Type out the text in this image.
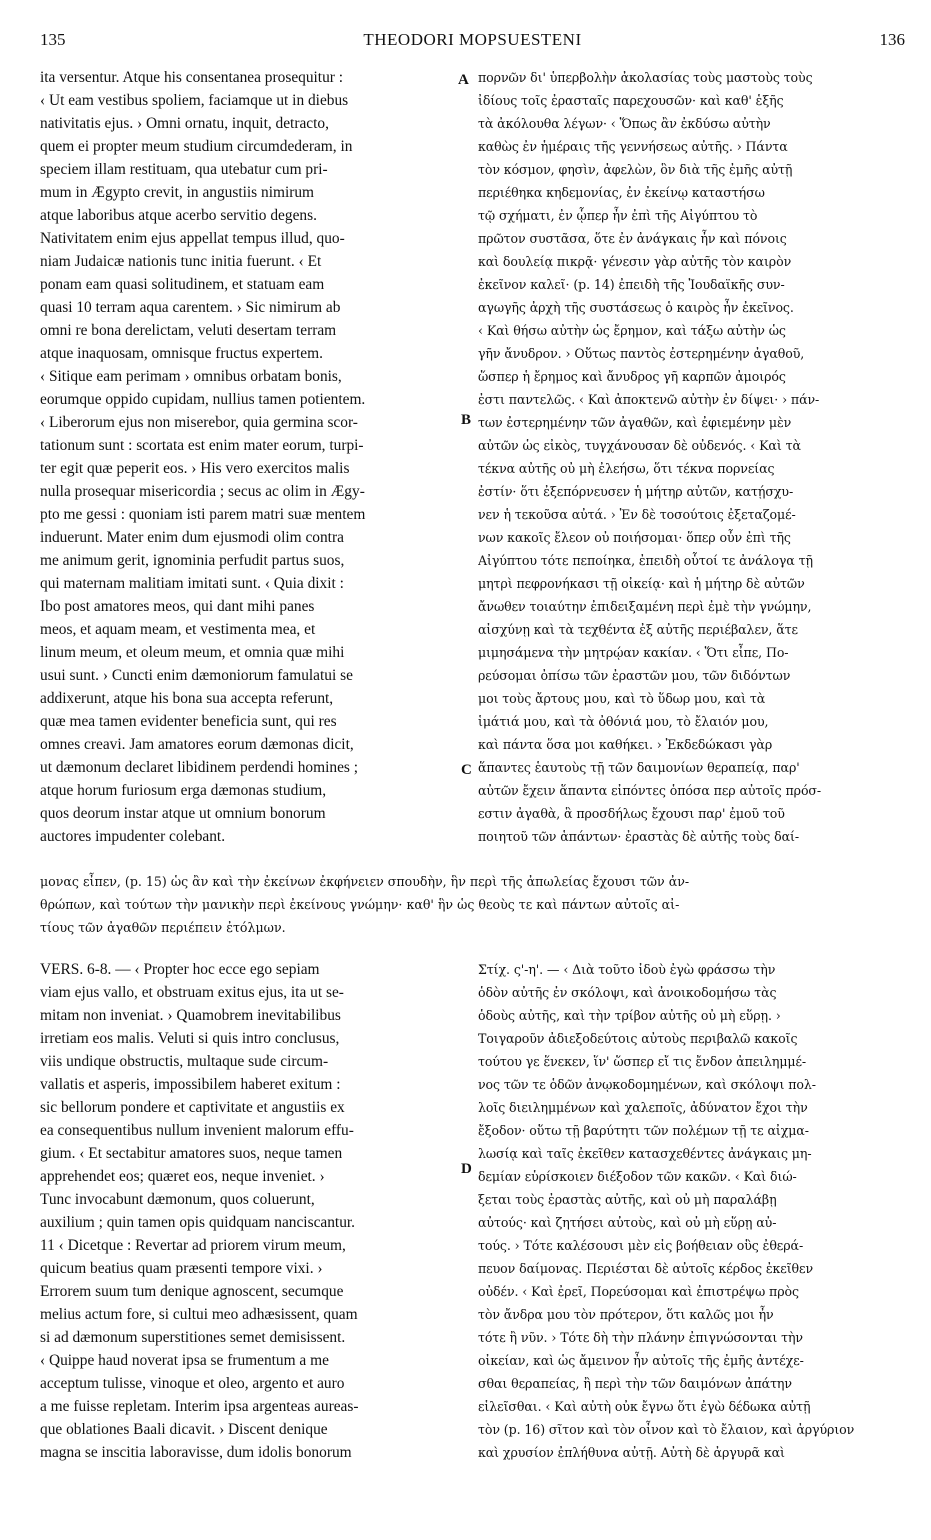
135	THEODORI MOPSUESTENI	136
ita versentur. Atque his consentanea prosequitur :
‹ Ut eam vestibus spoliem, faciamque ut in diebus
nativitatis ejus. › Omni ornatu, inquit, detracto,
quem ei propter meum studium circumdederam, in
speciem illam restituam, qua utebatur cum pri-
mum in Ægypto crevit, in angustiis nimirum
atque laboribus atque acerbo servitio degens.
Nativitatem enim ejus appellat tempus illud, quo-
niam Judaicæ nationis tunc initia fuerunt. ‹ Et
ponam eam quasi solitudinem, et statuam eam
quasi 10 terram aqua carentem. › Sic nimirum ab
omni re bona derelictam, veluti desertam terram
atque inaquosam, omnisque fructus expertem.
‹ Sitique eam perimam › omnibus orbatam bonis,
eorumque oppido cupidam, nullius tamen potientem.
‹ Liberorum ejus non miserebor, quia germina scor-
tationum sunt : scortata est enim mater eorum, turpi-
ter egit quæ peperit eos. › His vero exercitos malis
nulla prosequar misericordia ; secus ac olim in Ægy-
pto me gessi : quoniam isti parem matri suæ mentem
induerunt. Mater enim dum ejusmodi olim contra
me animum gerit, ignominia perfudit partus suos,
qui maternam malitiam imitati sunt. ‹ Quia dixit :
Ibo post amatores meos, qui dant mihi panes
meos, et aquam meam, et vestimenta mea, et
linum meum, et oleum meum, et omnia quæ mihi
usui sunt. › Cuncti enim dæmoniorum famulatui se
addixerunt, atque his bona sua accepta referunt,
quæ mea tamen evidenter beneficia sunt, qui res
omnes creavi. Jam amatores eorum dæmonas dicit,
ut dæmonum declaret libidinem perdendi homines ;
atque horum furiosum erga dæmonas studium,
quos deorum instar atque ut omnium bonorum
auctores impudenter colebant.
πορνῶν δι' ὑπερβολὴν ἀκολασίας τοὺς μαστοὺς τοὺς
ἰδίους τοῖς ἐρασταῖς παρεχουσῶν· καὶ καθ' ἑξῆς
τὰ ἀκόλουθα λέγων· ‹ Ὅπως ἂν ἐκδύσω αὐτὴν
καθὼς ἐν ἡμέραις τῆς γεννήσεως αὐτῆς. › Πάντα
τὸν κόσμον, φησὶν, ἀφελὼν, ὃν διὰ τῆς ἐμῆς αὐτῇ
περιέθηκα κηδεμονίας, ἐν ἐκείνῳ καταστήσω
τῷ σχήματι, ἐν ᾧπερ ἦν ἐπὶ τῆς Αἰγύπτου τὸ
πρῶτον συστᾶσα, ὅτε ἐν ἀνάγκαις ἦν καὶ πόνοις
καὶ δουλείᾳ πικρᾷ· γένεσιν γὰρ αὐτῆς τὸν καιρὸν
ἐκεῖνον καλεῖ· (p. 14) ἐπειδὴ τῆς Ἰουδαϊκῆς συν-
αγωγῆς ἀρχὴ τῆς συστάσεως ὁ καιρὸς ἦν ἐκεῖνος.
‹ Καὶ θήσω αὐτὴν ὡς ἔρημον, καὶ τάξω αὐτὴν ὡς
γῆν ἄνυδρον. › Οὕτως παντὸς ἐστερημένην ἀγαθοῦ,
ὥσπερ ἡ ἔρημος καὶ ἄνυδρος γῆ καρπῶν ἀμοιρός
ἐστι παντελῶς. ‹ Καὶ ἀποκτενῶ αὐτὴν ἐν δίψει· › πάν-
των ἐστερημένην τῶν ἀγαθῶν, καὶ ἐφιεμένην μὲν
αὐτῶν ὡς εἰκὸς, τυγχάνουσαν δὲ οὐδενός. ‹ Καὶ τὰ
τέκνα αὐτῆς οὐ μὴ ἐλεήσω, ὅτι τέκνα πορνείας
ἐστίν· ὅτι ἐξεπόρνευσεν ἡ μήτηρ αὐτῶν, κατῄσχυ-
νεν ἡ τεκοῦσα αὐτά. › Ἐν δὲ τοσούτοις ἐξεταζομέ-
νων κακοῖς ἔλεον οὐ ποιήσομαι· ὅπερ οὖν ἐπὶ τῆς
Αἰγύπτου τότε πεποίηκα, ἐπειδὴ οὗτοί τε ἀνάλογα τῇ
μητρὶ πεφρονήκασι τῇ οἰκείᾳ· καὶ ἡ μήτηρ δὲ αὐτῶν
ἄνωθεν τοιαύτην ἐπιδειξαμένη περὶ ἐμὲ τὴν γνώμην,
αἰσχύνῃ καὶ τὰ τεχθέντα ἐξ αὐτῆς περιέβαλεν, ἅτε
μιμησάμενα τὴν μητρῴαν κακίαν. ‹ Ὅτι εἶπε, Πο-
ρεύσομαι ὀπίσω τῶν ἐραστῶν μου, τῶν διδόντων
μοι τοὺς ἄρτους μου, καὶ τὸ ὕδωρ μου, καὶ τὰ
ἱμάτιά μου, καὶ τὰ ὀθόνιά μου, τὸ ἔλαιόν μου,
καὶ πάντα ὅσα μοι καθήκει. › Ἐκδεδώκασι γὰρ
ἅπαντες ἑαυτοὺς τῇ τῶν δαιμονίων θεραπείᾳ, παρ'
αὐτῶν ἔχειν ἅπαντα εἰπόντες ὁπόσα περ αὐτοῖς πρόσ-
εστιν ἀγαθὰ, ἃ προσδήλως ἔχουσι παρ' ἐμοῦ τοῦ
ποιητοῦ τῶν ἁπάντων· ἐραστὰς δὲ αὐτῆς τοὺς δαί-
μονας εἶπεν, (p. 15) ὡς ἂν καὶ τὴν ἐκείνων ἐκφήνειεν σπουδὴν, ἣν περὶ τῆς ἀπωλείας ἔχουσι τῶν ἀν-
θρώπων, καὶ τούτων τὴν μανικὴν περὶ ἐκείνους γνώμην· καθ' ἣν ὡς θεοὺς τε καὶ πάντων αὐτοῖς αἰ-
τίους τῶν ἀγαθῶν περιέπειν ἐτόλμων.
VERS. 6-8. — ‹ Propter hoc ecce ego sepiam
viam ejus vallo, et obstruam exitus ejus, ita ut se-
mitam non inveniat. › Quamobrem inevitabilibus
irretiam eos malis. Veluti si quis intro conclusus,
viis undique obstructis, multaque sude circum-
vallatis et asperis, impossibilem haberet exitum :
sic bellorum pondere et captivitate et angustiis ex
ea consequentibus nullum invenient malorum effu-
gium. ‹ Et sectabitur amatores suos, neque tamen
apprehendet eos; quæret eos, neque inveniet. ›
Tunc invocabunt dæmonum, quos coluerunt,
auxilium ; quin tamen opis quidquam nanciscantur.
11 ‹ Dicetque : Revertar ad priorem virum meum,
quicum beatius quam præsenti tempore vixi. ›
Errorem suum tum denique agnoscent, secumque
melius actum fore, si cultui meo adhæsissent, quam
si ad dæmonum superstitiones semet demisissent.
‹ Quippe haud noverat ipsa se frumentum a me
acceptum tulisse, vinoque et oleo, argento et auro
a me fuisse repletam. Interim ipsa argenteas aureas-
que oblationes Baali dicavit. › Discent denique
magna se inscitia laboravisse, dum idolis bonorum
Στίχ. ς'-η'. — ‹ Διὰ τοῦτο ἰδοὺ ἐγὼ φράσσω τὴν
ὁδὸν αὐτῆς ἐν σκόλοψι, καὶ ἀνοικοδομήσω τὰς
ὁδοὺς αὐτῆς, καὶ τὴν τρίβον αὐτῆς οὐ μὴ εὕρῃ. ›
Τοιγαροῦν ἀδιεξοδεύτοις αὐτοὺς περιβαλῶ κακοῖς
τούτου γε ἕνεκεν, ἵν' ὥσπερ εἴ τις ἔνδον ἀπειλημμέ-
νος τῶν τε ὁδῶν ἀνῳκοδομημένων, καὶ σκόλοψι πολ-
λοῖς διειλημμένων καὶ χαλεποῖς, ἀδύνατον ἔχοι τὴν
ἔξοδον· οὕτω τῇ βαρύτητι τῶν πολέμων τῇ τε αἰχμα-
λωσίᾳ καὶ ταῖς ἐκεῖθεν κατασχεθέντες ἀνάγκαις μη-
δεμίαν εὑρίσκοιεν διέξοδον τῶν κακῶν. ‹ Καὶ διώ-
ξεται τοὺς ἐραστὰς αὐτῆς, καὶ οὐ μὴ παραλάβῃ
αὐτούς· καὶ ζητήσει αὐτοὺς, καὶ οὐ μὴ εὕρῃ αὐ-
τούς. › Τότε καλέσουσι μὲν εἰς βοήθειαν οὓς ἐθερά-
πευον δαίμονας. Περιέσται δὲ αὐτοῖς κέρδος ἐκεῖθεν
οὐδέν. ‹ Καὶ ἐρεῖ, Πορεύσομαι καὶ ἐπιστρέψω πρὸς
τὸν ἄνδρα μου τὸν πρότερον, ὅτι καλῶς μοι ἦν
τότε ἢ νῦν. › Τότε δὴ τὴν πλάνην ἐπιγνώσονται τὴν
οἰκείαν, καὶ ὡς ἄμεινον ἦν αὐτοῖς τῆς ἐμῆς ἀντέχε-
σθαι θεραπείας, ἢ περὶ τὴν τῶν δαιμόνων ἀπάτην
εἱλεῖσθαι. ‹ Καὶ αὐτὴ οὐκ ἔγνω ὅτι ἐγὼ δέδωκα αὐτῇ
τὸν (p. 16) σῖτον καὶ τὸν οἶνον καὶ τὸ ἔλαιον, καὶ ἀργύριον
καὶ χρυσίον ἐπλήθυνα αὐτῇ. Αὐτὴ δὲ ἀργυρᾶ καὶ
A
B
C
D
